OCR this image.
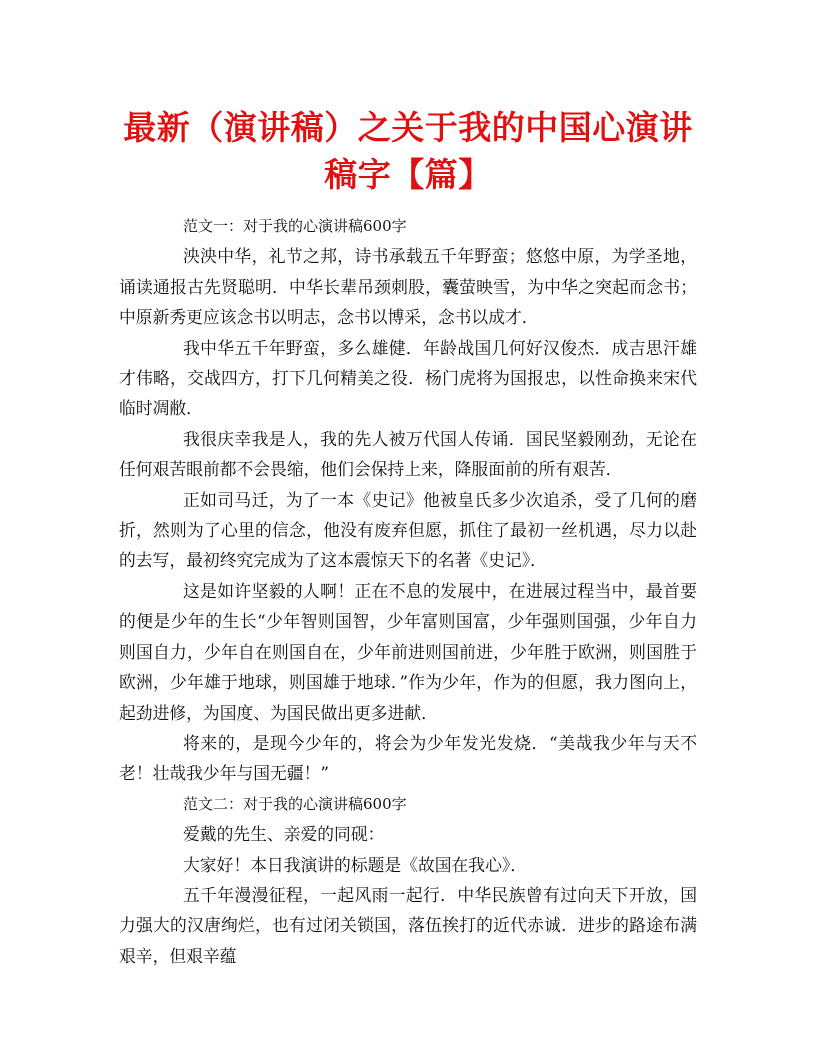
最新（演讲稿）之关于我的中国心演讲稿字【篇】

范文一：对于我的心演讲稿600字

泱泱中华，礼节之邦，诗书承载五千年野蛮；悠悠中原，为学圣地，诵读通报古先贤聪明．中华长辈吊颈刺股，囊萤映雪，为中华之突起而念书；中原新秀更应该念书以明志，念书以博采，念书以成才．

我中华五千年野蛮，多么雄健．年龄战国几何好汉俊杰．成吉思汗雄才伟略，交战四方，打下几何精美之役．杨门虎将为国报忠，以性命换来宋代临时凋敝．

我很庆幸我是人，我的先人被万代国人传诵．国民坚毅刚劲，无论在任何艰苦眼前都不会畏缩，他们会保持上来，降服面前的所有艰苦．

正如司马迁，为了一本《史记》他被皇氏多少次追杀，受了几何的磨折，然则为了心里的信念，他没有废弃但愿，抓住了最初一丝机遇，尽力以赴的去写，最初终究完成为了这本震惊天下的名著《史记》．

这是如许坚毅的人啊！正在不息的发展中，在进展过程当中，最首要的便是少年的生长“少年智则国智，少年富则国富，少年强则国强，少年自力则国自力，少年自在则国自在，少年前进则国前进，少年胜于欧洲，则国胜于欧洲，少年雄于地球，则国雄于地球．”作为少年，作为的但愿，我力图向上，起劲进修，为国度、为国民做出更多进献．

将来的，是现今少年的，将会为少年发光发烧．“美哉我少年与天不老！壮哉我少年与国无疆！”

范文二：对于我的心演讲稿600字

爱戴的先生、亲爱的同砚：

大家好！本日我演讲的标题是《故国在我心》．

五千年漫漫征程，一起风雨一起行．中华民族曾有过向天下开放，国力强大的汉唐绚烂，也有过闭关锁国，落伍挨打的近代赤诚．进步的路途布满艰辛，但艰辛蕴
